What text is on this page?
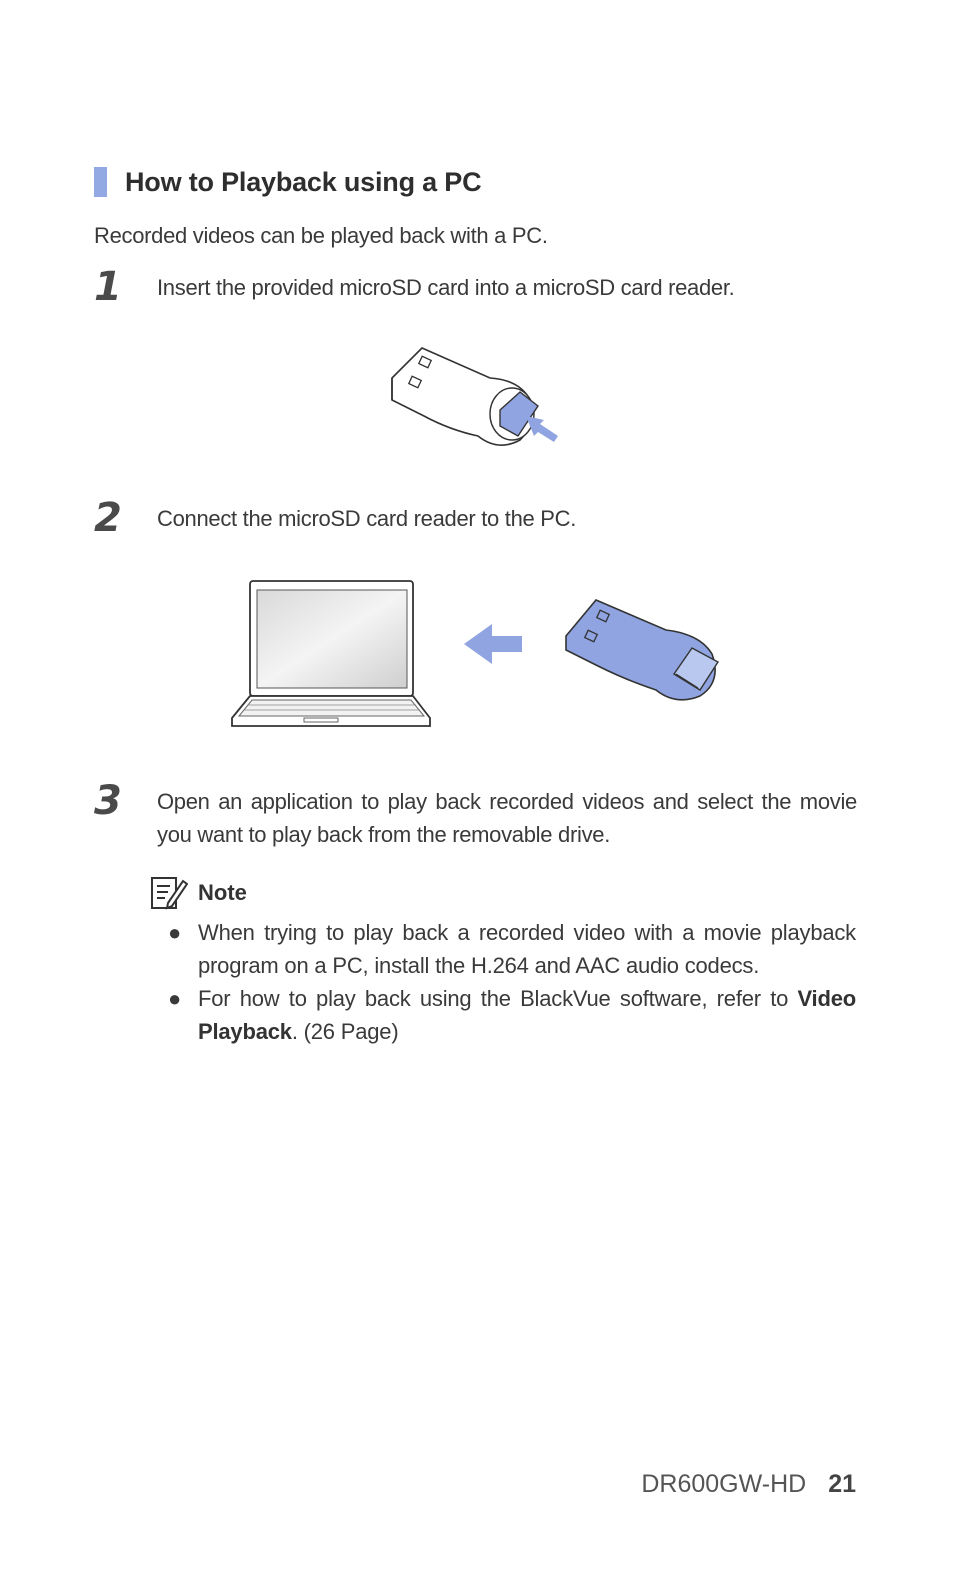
How to Playback using a PC
Recorded videos can be played back with a PC.
1 Insert the provided microSD card into a microSD card reader.
2 Connect the microSD card reader to the PC.
3 Open an application to play back recorded videos and select the movie you want to play back from the removable drive.
Note
● When trying to play back a recorded video with a movie playback program on a PC, install the H.264 and AAC audio codecs.
● For how to play back using the BlackVue software, refer to Video Playback. (26 Page)
DR600GW-HD 21
